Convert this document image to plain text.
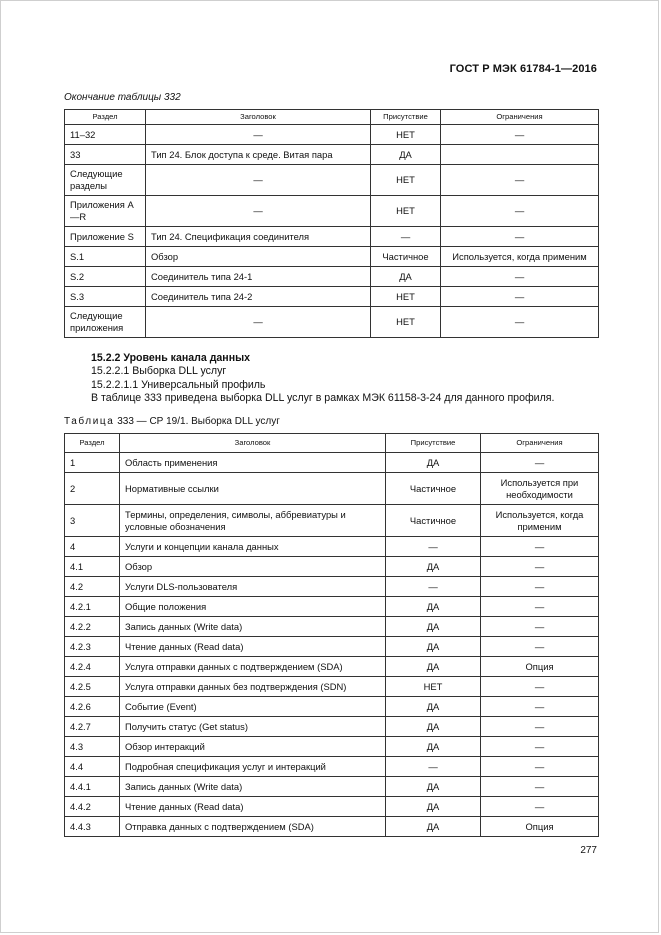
ГОСТ Р МЭК 61784-1—2016
Окончание таблицы 332
Раздел	Заголовок	Присутствие	Ограничения
11–32	—	НЕТ	—
33	Тип 24. Блок доступа к среде. Витая пара	ДА	
Следующие разделы	—	НЕТ	—
Приложения А—R	—	НЕТ	—
Приложение S	Тип 24. Спецификация соединителя	—	—
S.1	Обзор	Частичное	Используется, когда применим
S.2	Соединитель типа 24-1	ДА	—
S.3	Соединитель типа 24-2	НЕТ	—
Следующие приложения	—	НЕТ	—
15.2.2 Уровень канала данных
15.2.2.1 Выборка DLL услуг
15.2.2.1.1 Универсальный профиль
В таблице 333 приведена выборка DLL услуг в рамках МЭК 61158-3-24 для данного профиля.
Таблица 333 — СР 19/1. Выборка DLL услуг
Раздел	Заголовок	Присутствие	Ограничения
1	Область применения	ДА	—
2	Нормативные ссылки	Частичное	Используется при необходимости
3	Термины, определения, символы, аббревиатуры и условные обозначения	Частичное	Используется, когда применим
4	Услуги и концепции канала данных	—	—
4.1	Обзор	ДА	—
4.2	Услуги DLS-пользователя	—	—
4.2.1	Общие положения	ДА	—
4.2.2	Запись данных (Write data)	ДА	—
4.2.3	Чтение данных (Read data)	ДА	—
4.2.4	Услуга отправки данных с подтверждением (SDA)	ДА	Опция
4.2.5	Услуга отправки данных без подтверждения (SDN)	НЕТ	—
4.2.6	Событие (Event)	ДА	—
4.2.7	Получить статус (Get status)	ДА	—
4.3	Обзор интеракций	ДА	—
4.4	Подробная спецификация услуг и интеракций	—	—
4.4.1	Запись данных (Write data)	ДА	—
4.4.2	Чтение данных (Read data)	ДА	—
4.4.3	Отправка данных с подтверждением (SDA)	ДА	Опция
277
